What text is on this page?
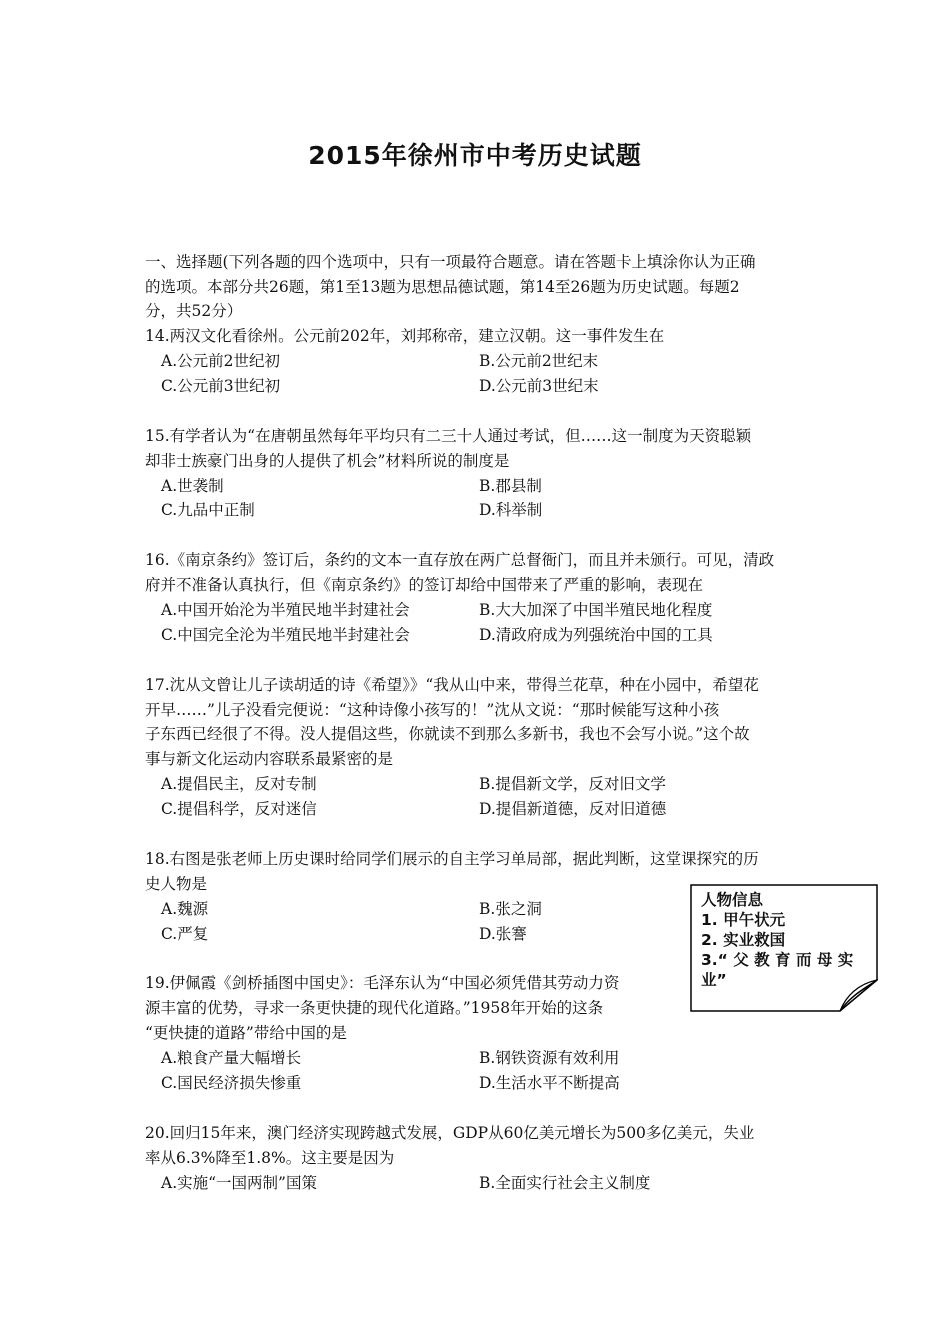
2015年徐州市中考历史试题
一、选择题(下列各题的四个选项中，只有一项最符合题意。请在答题卡上填涂你认为正确
的选项。本部分共26题，第1至13题为思想品德试题，第14至26题为历史试题。每题2
分，共52分）
14.两汉文化看徐州。公元前202年，刘邦称帝，建立汉朝。这一事件发生在
A.公元前2世纪初	B.公元前2世纪末
C.公元前3世纪初	D.公元前3世纪末
15.有学者认为“在唐朝虽然每年平均只有二三十人通过考试，但……这一制度为天资聪颖
却非士族豪门出身的人提供了机会”材料所说的制度是
A.世袭制	B.郡县制
C.九品中正制	D.科举制
16.《南京条约》签订后，条约的文本一直存放在两广总督衙门，而且并未颁行。可见，清政
府并不准备认真执行，但《南京条约》的签订却给中国带来了严重的影响，表现在
A.中国开始沦为半殖民地半封建社会	B.大大加深了中国半殖民地化程度
C.中国完全沦为半殖民地半封建社会	D.清政府成为列强统治中国的工具
17.沈从文曾让儿子读胡适的诗《希望》》“我从山中来，带得兰花草，种在小园中，希望花
开早……”儿子没看完便说：“这种诗像小孩写的！”沈从文说：“那时候能写这种小孩
子东西已经很了不得。没人提倡这些，你就读不到那么多新书，我也不会写小说。”这个故
事与新文化运动内容联系最紧密的是
A.提倡民主，反对专制	B.提倡新文学，反对旧文学
C.提倡科学，反对迷信	D.提倡新道德，反对旧道德
18.右图是张老师上历史课时给同学们展示的自主学习单局部，据此判断，这堂课探究的历
史人物是
A.魏源	B.张之洞
C.严复	D.张謇
人物信息
1. 甲午状元
2. 实业救国
3.“ 父 教 育 而 母 实
业”
19.伊佩霞《剑桥插图中国史》：毛泽东认为“中国必须凭借其劳动力资
源丰富的优势，寻求一条更快捷的现代化道路。”1958年开始的这条
“更快捷的道路”带给中国的是
A.粮食产量大幅增长	B.钢铁资源有效利用
C.国民经济损失惨重	D.生活水平不断提高
20.回归15年来，澳门经济实现跨越式发展，GDP从60亿美元增长为500多亿美元，失业
率从6.3%降至1.8%。这主要是因为
A.实施“一国两制”国策	B.全面实行社会主义制度
